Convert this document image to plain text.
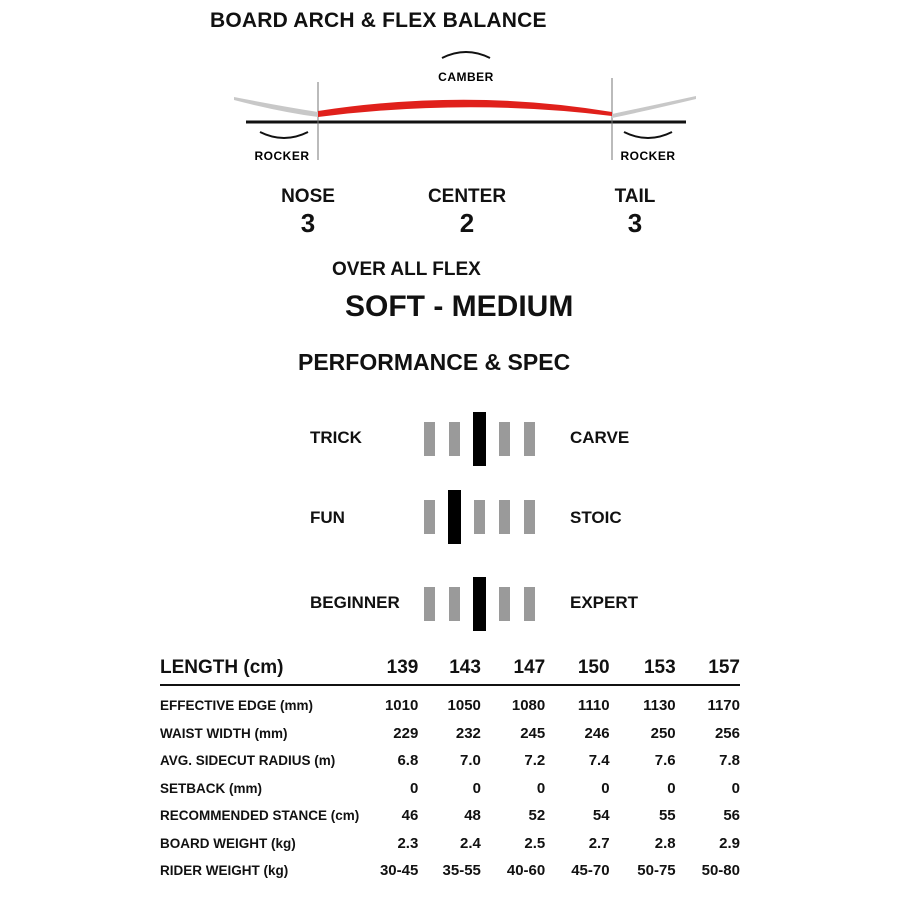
BOARD ARCH & FLEX BALANCE
CAMBER
ROCKER	ROCKER
NOSE
3
CENTER
2
TAIL
3
OVER ALL FLEX
SOFT - MEDIUM
PERFORMANCE & SPEC
TRICK	CARVE
FUN	STOIC
BEGINNER	EXPERT
LENGTH (cm)	139	143	147	150	153	157
EFFECTIVE EDGE (mm)	1010	1050	1080	1110	1130	1170
WAIST WIDTH (mm)	229	232	245	246	250	256
AVG. SIDECUT RADIUS (m)	6.8	7.0	7.2	7.4	7.6	7.8
SETBACK (mm)	0	0	0	0	0	0
RECOMMENDED STANCE (cm)	46	48	52	54	55	56
BOARD WEIGHT (kg)	2.3	2.4	2.5	2.7	2.8	2.9
RIDER WEIGHT (kg)	30-45	35-55	40-60	45-70	50-75	50-80
